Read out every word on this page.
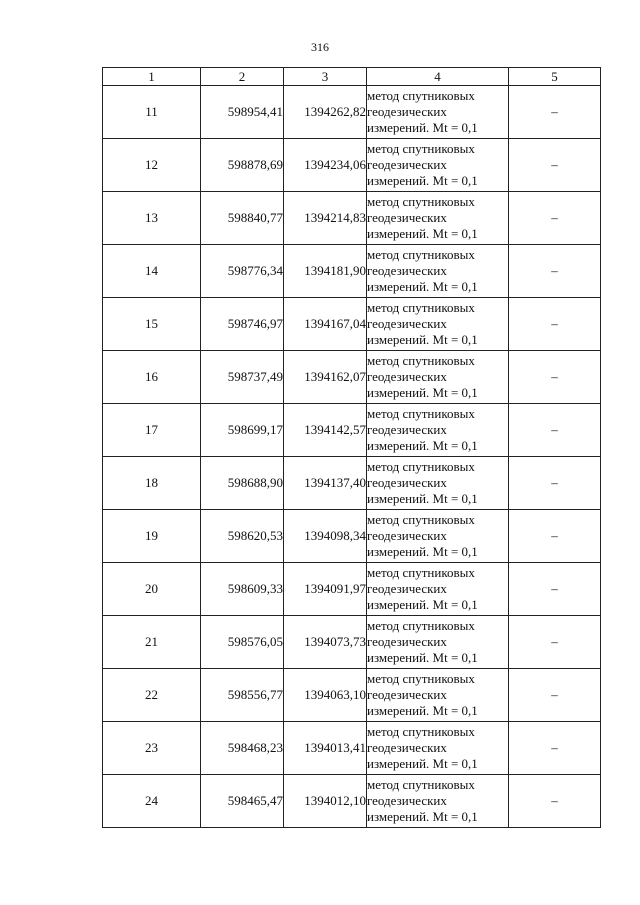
316
1	2	3	4	5
11	598954,41	1394262,82	метод спутниковых
геодезических
измерений. Mt = 0,1	–
12	598878,69	1394234,06	метод спутниковых
геодезических
измерений. Mt = 0,1	–
13	598840,77	1394214,83	метод спутниковых
геодезических
измерений. Mt = 0,1	–
14	598776,34	1394181,90	метод спутниковых
геодезических
измерений. Mt = 0,1	–
15	598746,97	1394167,04	метод спутниковых
геодезических
измерений. Mt = 0,1	–
16	598737,49	1394162,07	метод спутниковых
геодезических
измерений. Mt = 0,1	–
17	598699,17	1394142,57	метод спутниковых
геодезических
измерений. Mt = 0,1	–
18	598688,90	1394137,40	метод спутниковых
геодезических
измерений. Mt = 0,1	–
19	598620,53	1394098,34	метод спутниковых
геодезических
измерений. Mt = 0,1	–
20	598609,33	1394091,97	метод спутниковых
геодезических
измерений. Mt = 0,1	–
21	598576,05	1394073,73	метод спутниковых
геодезических
измерений. Mt = 0,1	–
22	598556,77	1394063,10	метод спутниковых
геодезических
измерений. Mt = 0,1	–
23	598468,23	1394013,41	метод спутниковых
геодезических
измерений. Mt = 0,1	–
24	598465,47	1394012,10	метод спутниковых
геодезических
измерений. Mt = 0,1	–
